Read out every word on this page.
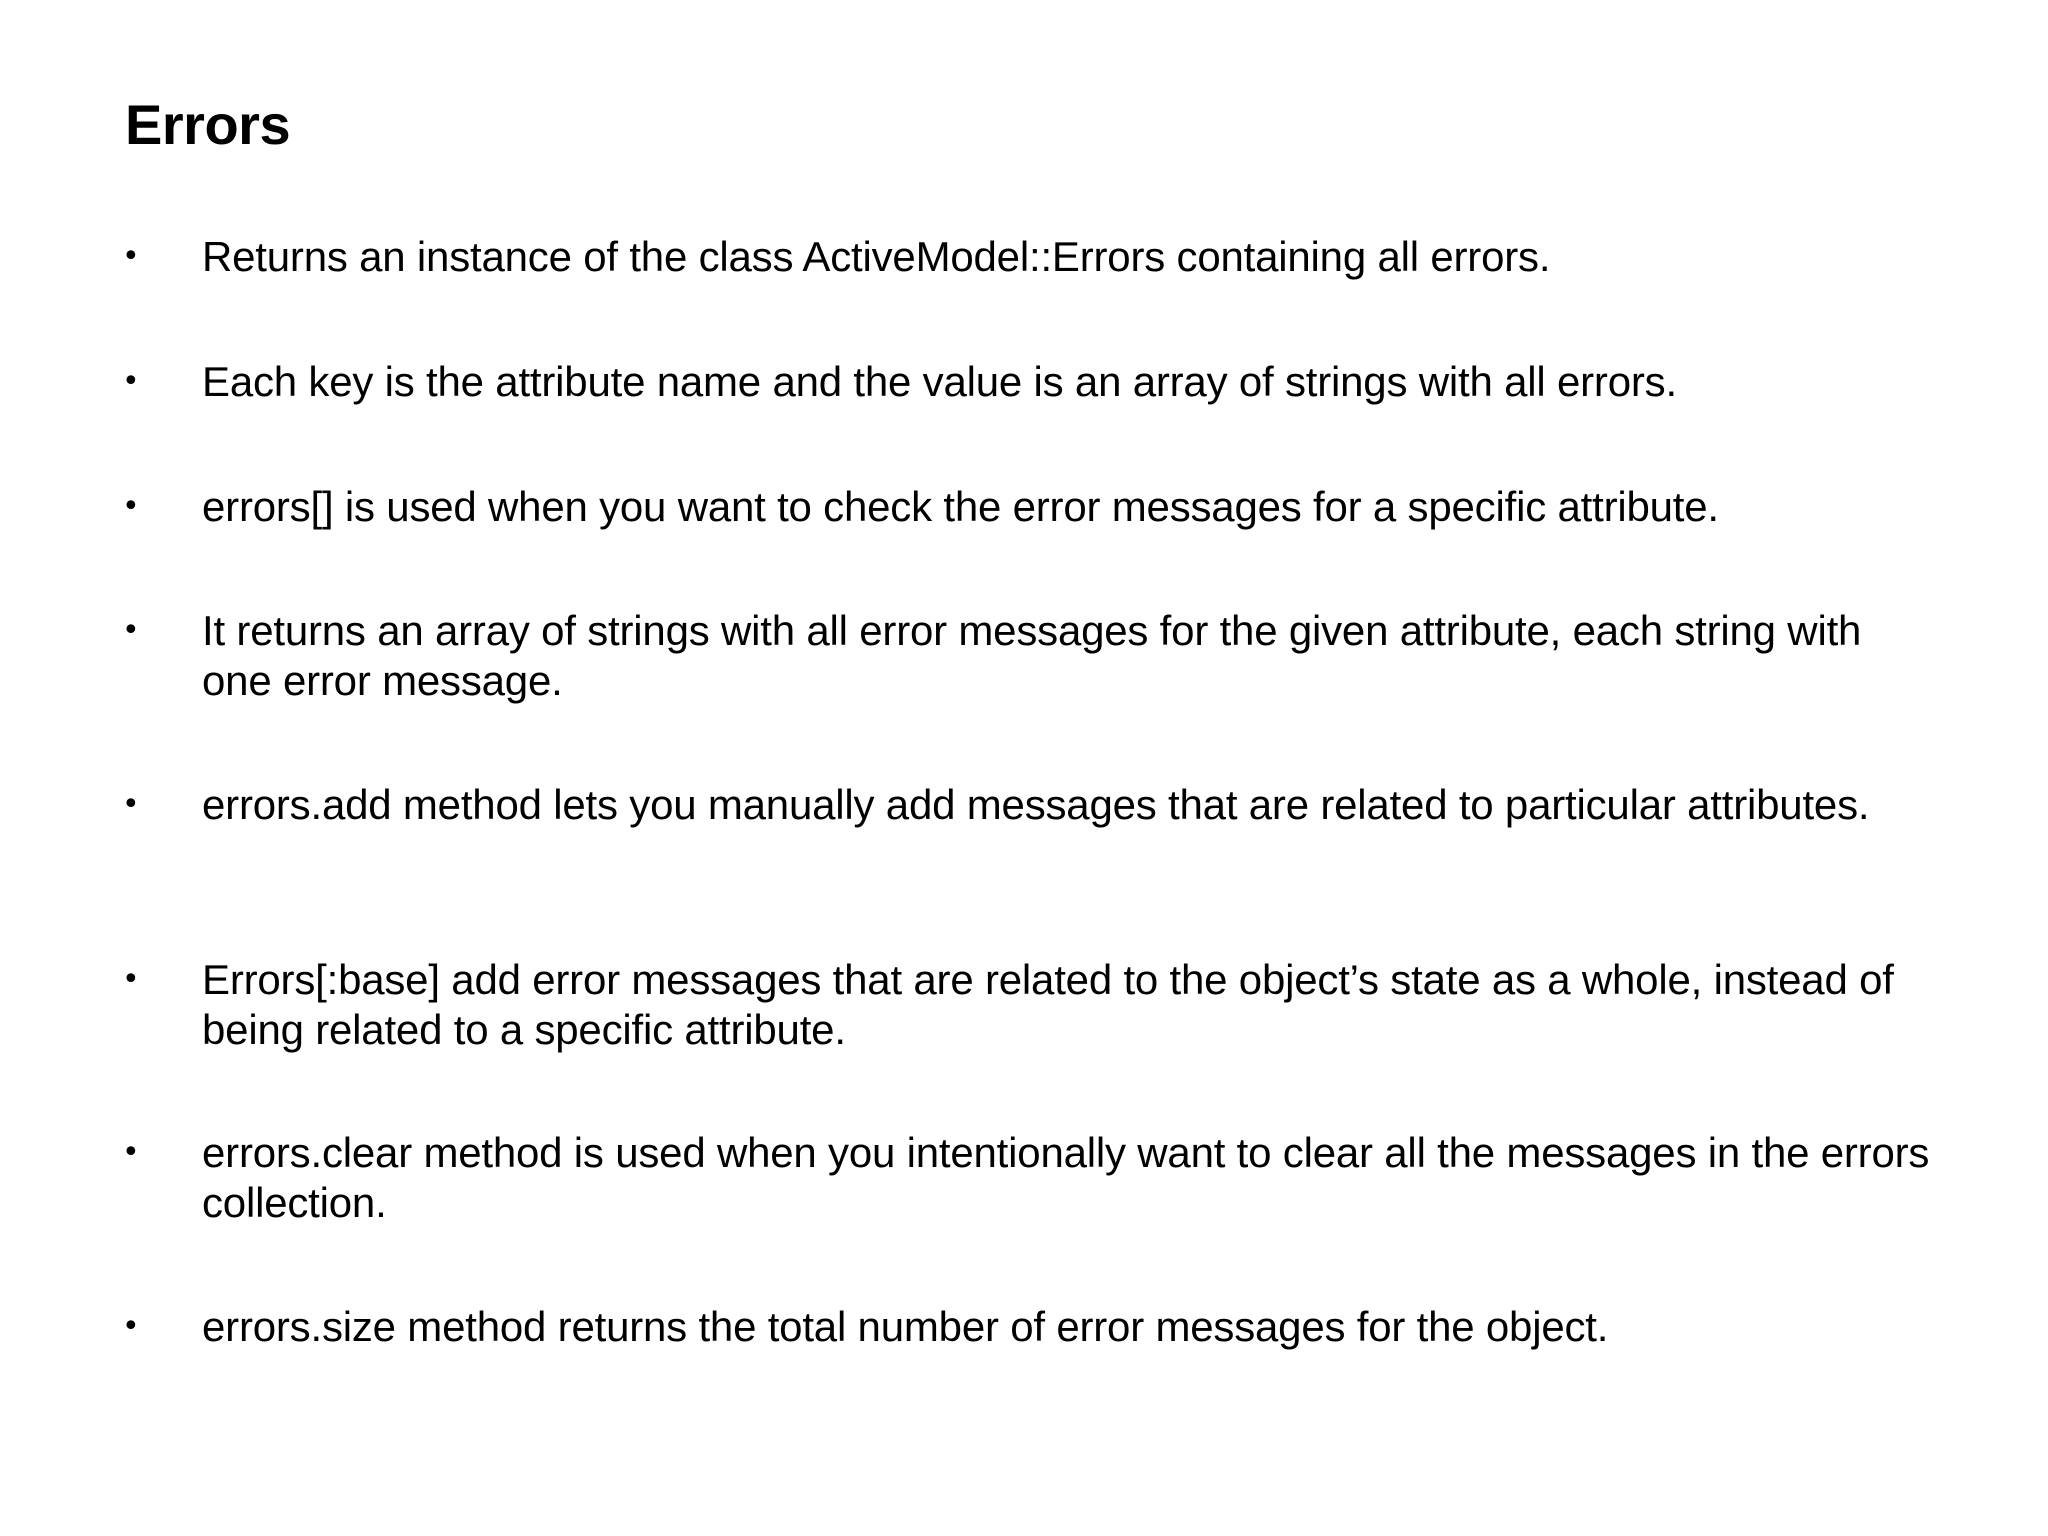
Errors
• Returns an instance of the class ActiveModel::Errors containing all errors.
• Each key is the attribute name and the value is an array of strings with all errors.
• errors[] is used when you want to check the error messages for a specific attribute.
• It returns an array of strings with all error messages for the given attribute, each string with one error message.
• errors.add method lets you manually add messages that are related to particular attributes.
• Errors[:base] add error messages that are related to the object’s state as a whole, instead of being related to a specific attribute.
• errors.clear method is used when you intentionally want to clear all the messages in the errors collection.
• errors.size method returns the total number of error messages for the object.
